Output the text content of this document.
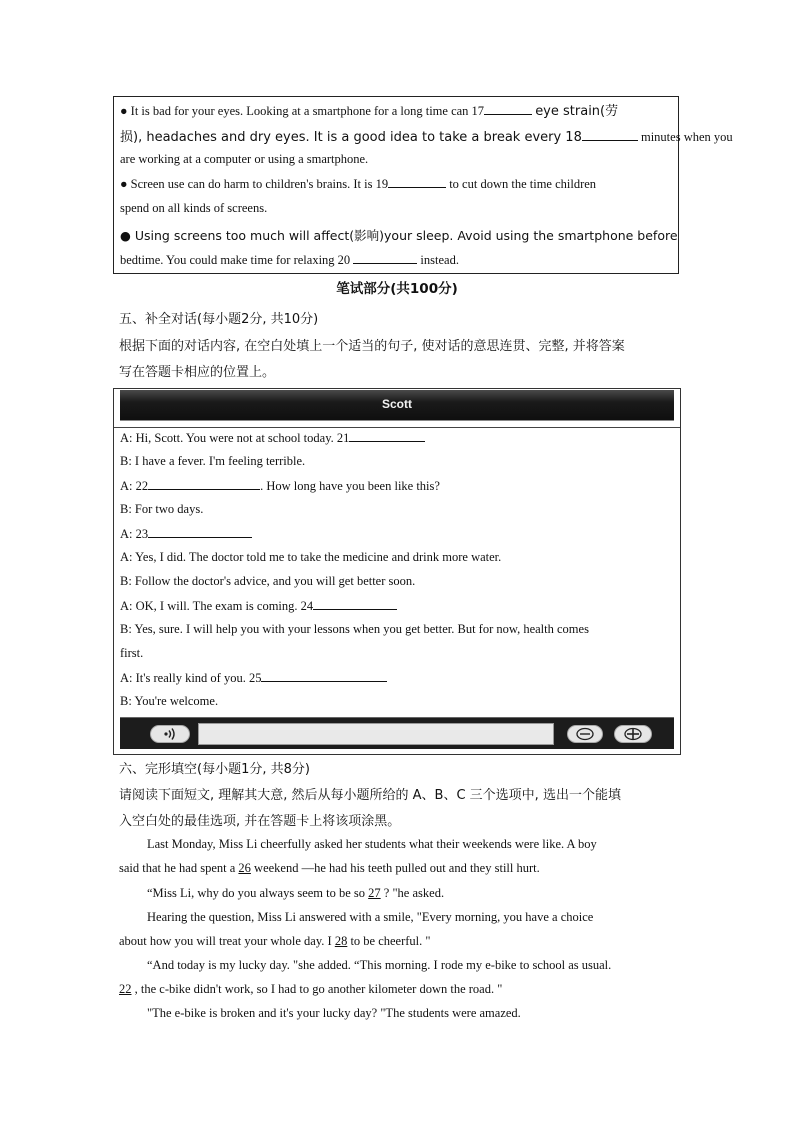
● It is bad for your eyes. Looking at a smartphone for a long time can 17	eye strain(劳
损), headaches and dry eyes. It is a good idea to take a break every 18	minutes when you
are working at a computer or using a smartphone.
● Screen use can do harm to children's brains. It is 19	to cut down the time children
spend on all kinds of screens.
● Using screens too much will affect(影响)your sleep. Avoid using the smartphone before
bedtime. You could make time for relaxing 20	instead.
笔试部分(共100分)
五、补全对话(每小题2分, 共10分)
根据下面的对话内容, 在空白处填上一个适当的句子, 使对话的意思连贯、完整, 并将答案
写在答题卡相应的位置上。
Scott
A: Hi, Scott. You were not at school today. 21
B: I have a fever. I'm feeling terrible.
A: 22	. How long have you been like this?
B: For two days.
A: 23
A: Yes, I did. The doctor told me to take the medicine and drink more water.
B: Follow the doctor's advice, and you will get better soon.
A: OK, I will. The exam is coming. 24
B: Yes, sure. I will help you with your lessons when you get better. But for now, health comes
first.
A: It's really kind of you. 25
B: You're welcome.
六、完形填空(每小题1分, 共8分)
请阅读下面短文, 理解其大意, 然后从每小题所给的 A、B、C 三个选项中, 选出一个能填
入空白处的最佳选项, 并在答题卡上将该项涂黑。
Last Monday, Miss Li cheerfully asked her students what their weekends were like. A boy
said that he had spent a 26 weekend —he had his teeth pulled out and they still hurt.
“Miss Li, why do you always seem to be so 27 ? "he asked.
Hearing the question, Miss Li answered with a smile, "Every morning, you have a choice
about how you will treat your whole day. I 28 to be cheerful. "
“And today is my lucky day. "she added. “This morning. I rode my e-bike to school as usual.
22 , the c-bike didn't work, so I had to go another kilometer down the road. "
"The e-bike is broken and it's your lucky day? "The students were amazed.
